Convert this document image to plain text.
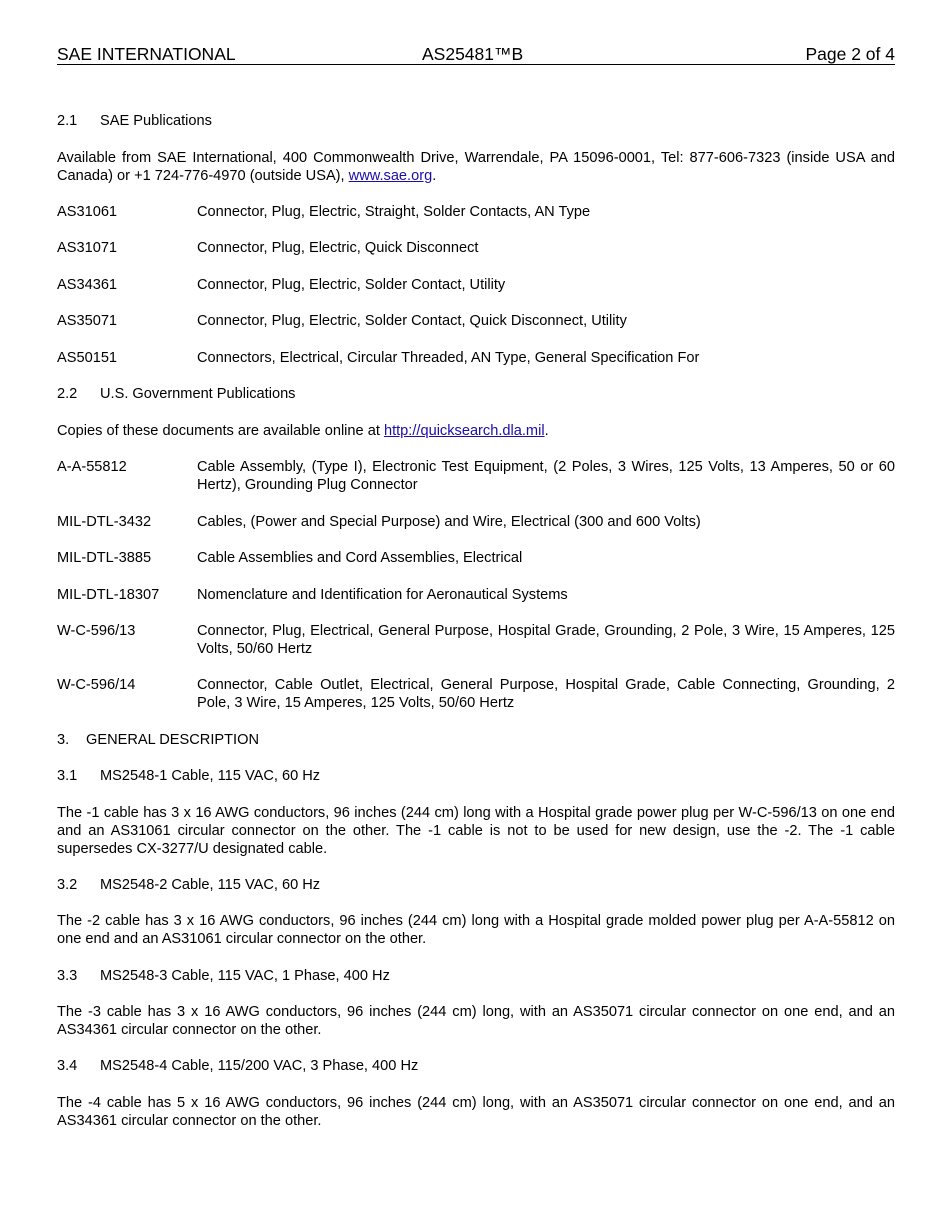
SAE INTERNATIONAL	AS25481™B	Page 2 of 4
2.1 SAE Publications
Available from SAE International, 400 Commonwealth Drive, Warrendale, PA 15096-0001, Tel: 877-606-7323 (inside USA and Canada) or +1 724-776-4970 (outside USA), www.sae.org.
AS31061	Connector, Plug, Electric, Straight, Solder Contacts, AN Type
AS31071	Connector, Plug, Electric, Quick Disconnect
AS34361	Connector, Plug, Electric, Solder Contact, Utility
AS35071	Connector, Plug, Electric, Solder Contact, Quick Disconnect, Utility
AS50151	Connectors, Electrical, Circular Threaded, AN Type, General Specification For
2.2 U.S. Government Publications
Copies of these documents are available online at http://quicksearch.dla.mil.
A-A-55812	Cable Assembly, (Type I), Electronic Test Equipment, (2 Poles, 3 Wires, 125 Volts, 13 Amperes, 50 or 60 Hertz), Grounding Plug Connector
MIL-DTL-3432	Cables, (Power and Special Purpose) and Wire, Electrical (300 and 600 Volts)
MIL-DTL-3885	Cable Assemblies and Cord Assemblies, Electrical
MIL-DTL-18307	Nomenclature and Identification for Aeronautical Systems
W-C-596/13	Connector, Plug, Electrical, General Purpose, Hospital Grade, Grounding, 2 Pole, 3 Wire, 15 Amperes, 125 Volts, 50/60 Hertz
W-C-596/14	Connector, Cable Outlet, Electrical, General Purpose, Hospital Grade, Cable Connecting, Grounding, 2 Pole, 3 Wire, 15 Amperes, 125 Volts, 50/60 Hertz
3. GENERAL DESCRIPTION
3.1 MS2548-1 Cable, 115 VAC, 60 Hz
The -1 cable has 3 x 16 AWG conductors, 96 inches (244 cm) long with a Hospital grade power plug per W-C-596/13 on one end and an AS31061 circular connector on the other. The -1 cable is not to be used for new design, use the -2. The -1 cable supersedes CX-3277/U designated cable.
3.2 MS2548-2 Cable, 115 VAC, 60 Hz
The -2 cable has 3 x 16 AWG conductors, 96 inches (244 cm) long with a Hospital grade molded power plug per A-A-55812 on one end and an AS31061 circular connector on the other.
3.3 MS2548-3 Cable, 115 VAC, 1 Phase, 400 Hz
The -3 cable has 3 x 16 AWG conductors, 96 inches (244 cm) long, with an AS35071 circular connector on one end, and an AS34361 circular connector on the other.
3.4 MS2548-4 Cable, 115/200 VAC, 3 Phase, 400 Hz
The -4 cable has 5 x 16 AWG conductors, 96 inches (244 cm) long, with an AS35071 circular connector on one end, and an AS34361 circular connector on the other.
